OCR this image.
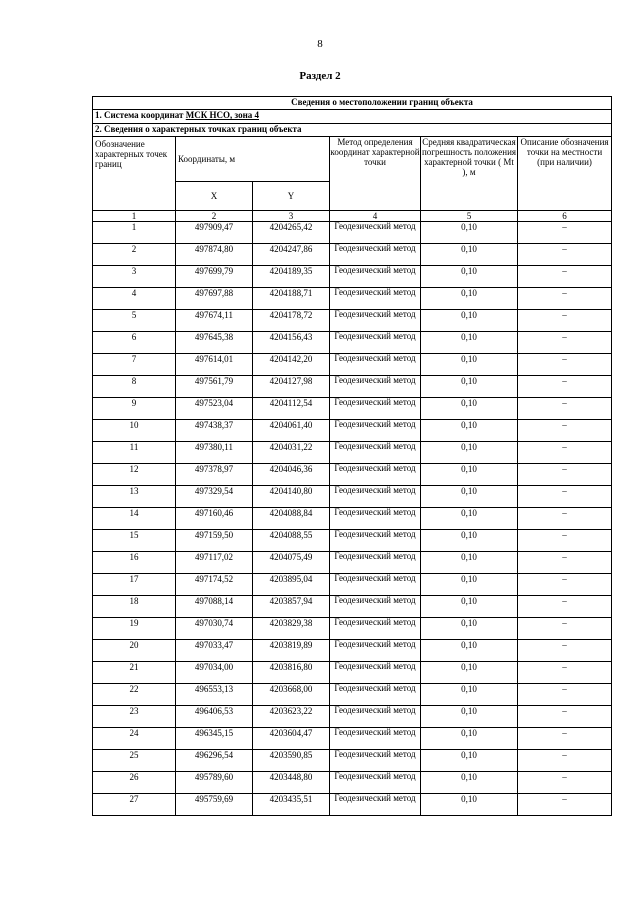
8
Раздел 2
Сведения о местоположении границ объекта					
1. Система координат МСК НСО, зона 4					
2. Сведения о характерных точках границ объекта					
Обозначение характерных точек границ	Координаты, м		Метод определения координат характерной точки	Средняя квадратическая погрешность положения характерной точки ( Mt ), м	Описание обозначения точки на местности (при наличии)
	X	Y			
1	2	3	4	5	6
1	497909,47	4204265,42	Геодезический метод	0,10	–
2	497874,80	4204247,86	Геодезический метод	0,10	–
3	497699,79	4204189,35	Геодезический метод	0,10	–
4	497697,88	4204188,71	Геодезический метод	0,10	–
5	497674,11	4204178,72	Геодезический метод	0,10	–
6	497645,38	4204156,43	Геодезический метод	0,10	–
7	497614,01	4204142,20	Геодезический метод	0,10	–
8	497561,79	4204127,98	Геодезический метод	0,10	–
9	497523,04	4204112,54	Геодезический метод	0,10	–
10	497438,37	4204061,40	Геодезический метод	0,10	–
11	497380,11	4204031,22	Геодезический метод	0,10	–
12	497378,97	4204046,36	Геодезический метод	0,10	–
13	497329,54	4204140,80	Геодезический метод	0,10	–
14	497160,46	4204088,84	Геодезический метод	0,10	–
15	497159,50	4204088,55	Геодезический метод	0,10	–
16	497117,02	4204075,49	Геодезический метод	0,10	–
17	497174,52	4203895,04	Геодезический метод	0,10	–
18	497088,14	4203857,94	Геодезический метод	0,10	–
19	497030,74	4203829,38	Геодезический метод	0,10	–
20	497033,47	4203819,89	Геодезический метод	0,10	–
21	497034,00	4203816,80	Геодезический метод	0,10	–
22	496553,13	4203668,00	Геодезический метод	0,10	–
23	496406,53	4203623,22	Геодезический метод	0,10	–
24	496345,15	4203604,47	Геодезический метод	0,10	–
25	496296,54	4203590,85	Геодезический метод	0,10	–
26	495789,60	4203448,80	Геодезический метод	0,10	–
27	495759,69	4203435,51	Геодезический метод	0,10	–
